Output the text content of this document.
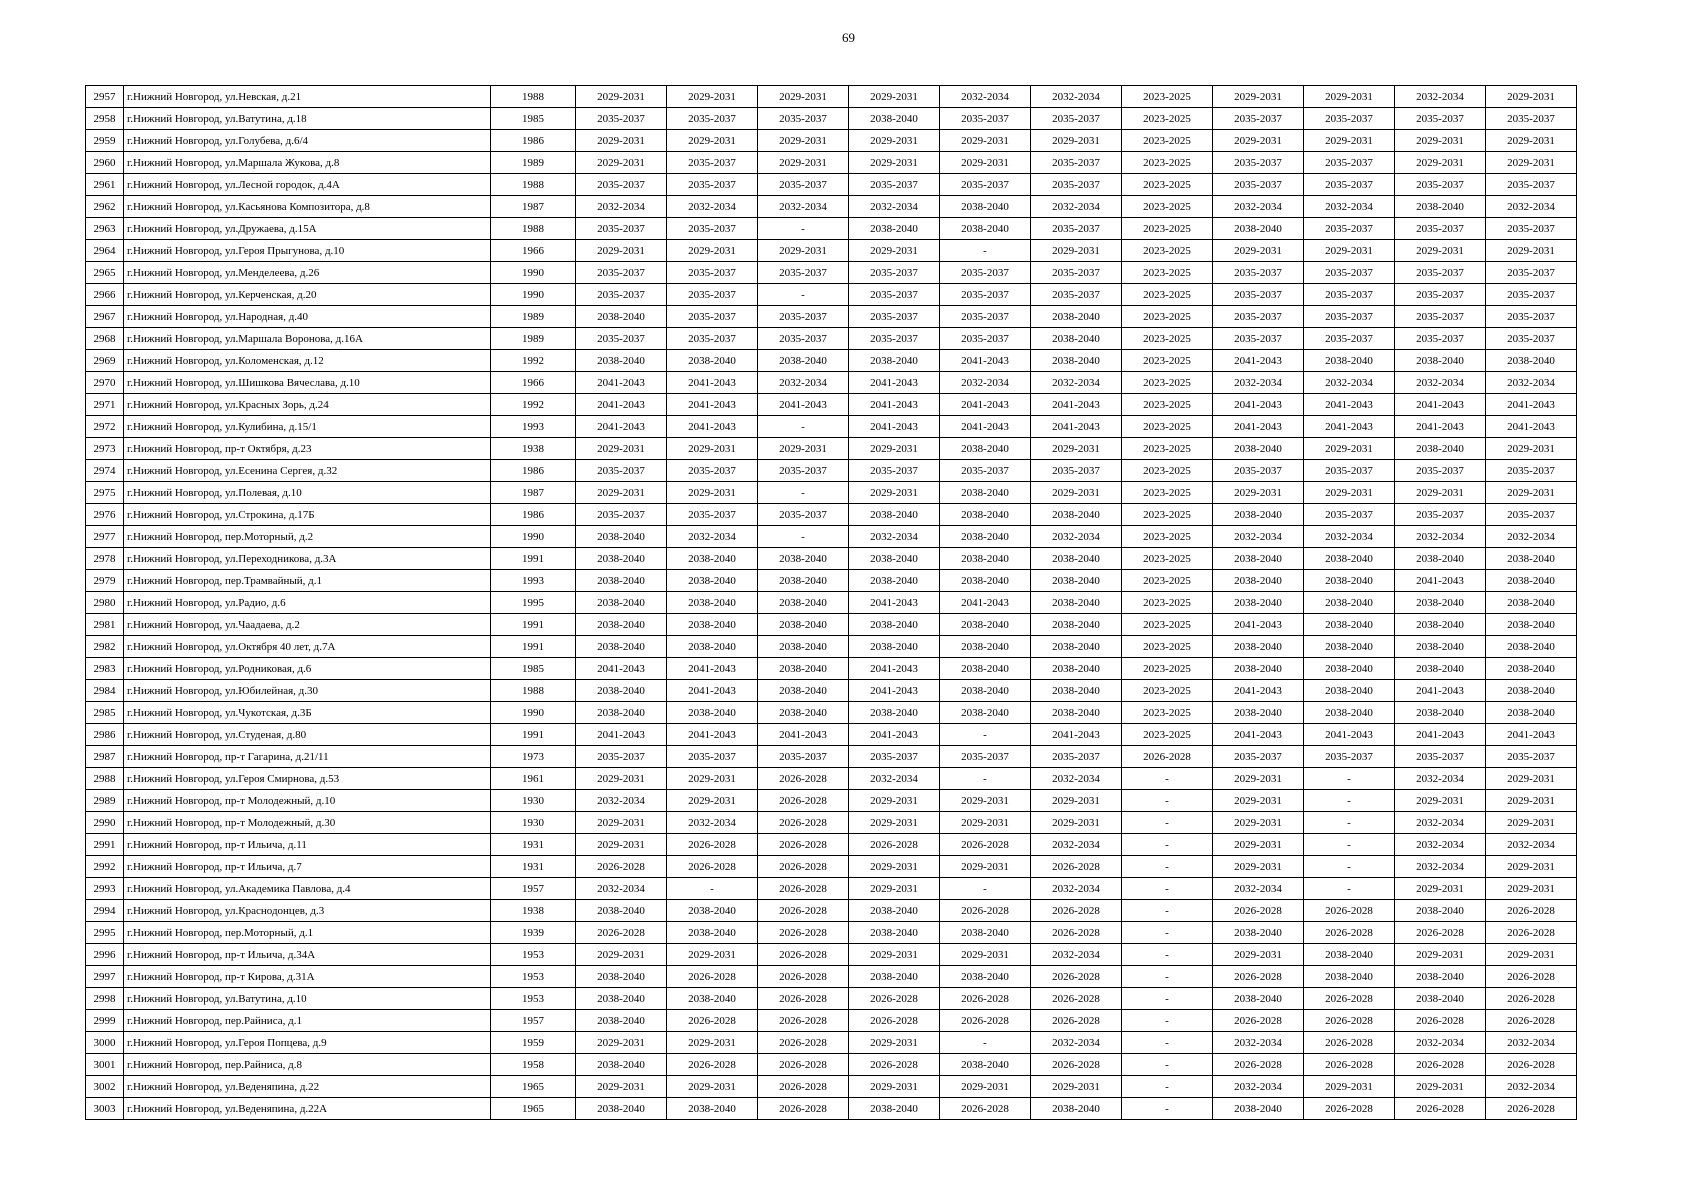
69
2957	г.Нижний Новгород, ул.Невская, д.21	1988	2029-2031	2029-2031	2029-2031	2029-2031	2032-2034	2032-2034	2023-2025	2029-2031	2029-2031	2032-2034	2029-2031
2958	г.Нижний Новгород, ул.Ватутина, д.18	1985	2035-2037	2035-2037	2035-2037	2038-2040	2035-2037	2035-2037	2023-2025	2035-2037	2035-2037	2035-2037	2035-2037
2959	г.Нижний Новгород, ул.Голубева, д.6/4	1986	2029-2031	2029-2031	2029-2031	2029-2031	2029-2031	2029-2031	2023-2025	2029-2031	2029-2031	2029-2031	2029-2031
2960	г.Нижний Новгород, ул.Маршала Жукова, д.8	1989	2029-2031	2035-2037	2029-2031	2029-2031	2029-2031	2035-2037	2023-2025	2035-2037	2035-2037	2029-2031	2029-2031
2961	г.Нижний Новгород, ул.Лесной городок, д.4А	1988	2035-2037	2035-2037	2035-2037	2035-2037	2035-2037	2035-2037	2023-2025	2035-2037	2035-2037	2035-2037	2035-2037
2962	г.Нижний Новгород, ул.Касьянова Композитора, д.8	1987	2032-2034	2032-2034	2032-2034	2032-2034	2038-2040	2032-2034	2023-2025	2032-2034	2032-2034	2038-2040	2032-2034
2963	г.Нижний Новгород, ул.Дружаева, д.15А	1988	2035-2037	2035-2037	-	2038-2040	2038-2040	2035-2037	2023-2025	2038-2040	2035-2037	2035-2037	2035-2037
2964	г.Нижний Новгород, ул.Героя Прыгунова, д.10	1966	2029-2031	2029-2031	2029-2031	2029-2031	-	2029-2031	2023-2025	2029-2031	2029-2031	2029-2031	2029-2031
2965	г.Нижний Новгород, ул.Менделеева, д.26	1990	2035-2037	2035-2037	2035-2037	2035-2037	2035-2037	2035-2037	2023-2025	2035-2037	2035-2037	2035-2037	2035-2037
2966	г.Нижний Новгород, ул.Керченская, д.20	1990	2035-2037	2035-2037	-	2035-2037	2035-2037	2035-2037	2023-2025	2035-2037	2035-2037	2035-2037	2035-2037
2967	г.Нижний Новгород, ул.Народная, д.40	1989	2038-2040	2035-2037	2035-2037	2035-2037	2035-2037	2038-2040	2023-2025	2035-2037	2035-2037	2035-2037	2035-2037
2968	г.Нижний Новгород, ул.Маршала Воронова, д.16А	1989	2035-2037	2035-2037	2035-2037	2035-2037	2035-2037	2038-2040	2023-2025	2035-2037	2035-2037	2035-2037	2035-2037
2969	г.Нижний Новгород, ул.Коломенская, д.12	1992	2038-2040	2038-2040	2038-2040	2038-2040	2041-2043	2038-2040	2023-2025	2041-2043	2038-2040	2038-2040	2038-2040
2970	г.Нижний Новгород, ул.Шишкова Вячеслава, д.10	1966	2041-2043	2041-2043	2032-2034	2041-2043	2032-2034	2032-2034	2023-2025	2032-2034	2032-2034	2032-2034	2032-2034
2971	г.Нижний Новгород, ул.Красных Зорь, д.24	1992	2041-2043	2041-2043	2041-2043	2041-2043	2041-2043	2041-2043	2023-2025	2041-2043	2041-2043	2041-2043	2041-2043
2972	г.Нижний Новгород, ул.Кулибина, д.15/1	1993	2041-2043	2041-2043	-	2041-2043	2041-2043	2041-2043	2023-2025	2041-2043	2041-2043	2041-2043	2041-2043
2973	г.Нижний Новгород, пр-т Октября, д.23	1938	2029-2031	2029-2031	2029-2031	2029-2031	2038-2040	2029-2031	2023-2025	2038-2040	2029-2031	2038-2040	2029-2031
2974	г.Нижний Новгород, ул.Есенина Сергея, д.32	1986	2035-2037	2035-2037	2035-2037	2035-2037	2035-2037	2035-2037	2023-2025	2035-2037	2035-2037	2035-2037	2035-2037
2975	г.Нижний Новгород, ул.Полевая, д.10	1987	2029-2031	2029-2031	-	2029-2031	2038-2040	2029-2031	2023-2025	2029-2031	2029-2031	2029-2031	2029-2031
2976	г.Нижний Новгород, ул.Строкина, д.17Б	1986	2035-2037	2035-2037	2035-2037	2038-2040	2038-2040	2038-2040	2023-2025	2038-2040	2035-2037	2035-2037	2035-2037
2977	г.Нижний Новгород, пер.Моторный, д.2	1990	2038-2040	2032-2034	-	2032-2034	2038-2040	2032-2034	2023-2025	2032-2034	2032-2034	2032-2034	2032-2034
2978	г.Нижний Новгород, ул.Переходникова, д.3А	1991	2038-2040	2038-2040	2038-2040	2038-2040	2038-2040	2038-2040	2023-2025	2038-2040	2038-2040	2038-2040	2038-2040
2979	г.Нижний Новгород, пер.Трамвайный, д.1	1993	2038-2040	2038-2040	2038-2040	2038-2040	2038-2040	2038-2040	2023-2025	2038-2040	2038-2040	2041-2043	2038-2040
2980	г.Нижний Новгород, ул.Радио, д.6	1995	2038-2040	2038-2040	2038-2040	2041-2043	2041-2043	2038-2040	2023-2025	2038-2040	2038-2040	2038-2040	2038-2040
2981	г.Нижний Новгород, ул.Чаадаева, д.2	1991	2038-2040	2038-2040	2038-2040	2038-2040	2038-2040	2038-2040	2023-2025	2041-2043	2038-2040	2038-2040	2038-2040
2982	г.Нижний Новгород, ул.Октября 40 лет, д.7А	1991	2038-2040	2038-2040	2038-2040	2038-2040	2038-2040	2038-2040	2023-2025	2038-2040	2038-2040	2038-2040	2038-2040
2983	г.Нижний Новгород, ул.Родниковая, д.6	1985	2041-2043	2041-2043	2038-2040	2041-2043	2038-2040	2038-2040	2023-2025	2038-2040	2038-2040	2038-2040	2038-2040
2984	г.Нижний Новгород, ул.Юбилейная, д.30	1988	2038-2040	2041-2043	2038-2040	2041-2043	2038-2040	2038-2040	2023-2025	2041-2043	2038-2040	2041-2043	2038-2040
2985	г.Нижний Новгород, ул.Чукотская, д.3Б	1990	2038-2040	2038-2040	2038-2040	2038-2040	2038-2040	2038-2040	2023-2025	2038-2040	2038-2040	2038-2040	2038-2040
2986	г.Нижний Новгород, ул.Студеная, д.80	1991	2041-2043	2041-2043	2041-2043	2041-2043	-	2041-2043	2023-2025	2041-2043	2041-2043	2041-2043	2041-2043
2987	г.Нижний Новгород, пр-т Гагарина, д.21/11	1973	2035-2037	2035-2037	2035-2037	2035-2037	2035-2037	2035-2037	2026-2028	2035-2037	2035-2037	2035-2037	2035-2037
2988	г.Нижний Новгород, ул.Героя Смирнова, д.53	1961	2029-2031	2029-2031	2026-2028	2032-2034	-	2032-2034	-	2029-2031	-	2032-2034	2029-2031
2989	г.Нижний Новгород, пр-т Молодежный, д.10	1930	2032-2034	2029-2031	2026-2028	2029-2031	2029-2031	2029-2031	-	2029-2031	-	2029-2031	2029-2031
2990	г.Нижний Новгород, пр-т Молодежный, д.30	1930	2029-2031	2032-2034	2026-2028	2029-2031	2029-2031	2029-2031	-	2029-2031	-	2032-2034	2029-2031
2991	г.Нижний Новгород, пр-т Ильича, д.11	1931	2029-2031	2026-2028	2026-2028	2026-2028	2026-2028	2032-2034	-	2029-2031	-	2032-2034	2032-2034
2992	г.Нижний Новгород, пр-т Ильича, д.7	1931	2026-2028	2026-2028	2026-2028	2029-2031	2029-2031	2026-2028	-	2029-2031	-	2032-2034	2029-2031
2993	г.Нижний Новгород, ул.Академика Павлова, д.4	1957	2032-2034	-	2026-2028	2029-2031	-	2032-2034	-	2032-2034	-	2029-2031	2029-2031
2994	г.Нижний Новгород, ул.Краснодонцев, д.3	1938	2038-2040	2038-2040	2026-2028	2038-2040	2026-2028	2026-2028	-	2026-2028	2026-2028	2038-2040	2026-2028
2995	г.Нижний Новгород, пер.Моторный, д.1	1939	2026-2028	2038-2040	2026-2028	2038-2040	2038-2040	2026-2028	-	2038-2040	2026-2028	2026-2028	2026-2028
2996	г.Нижний Новгород, пр-т Ильича, д.34А	1953	2029-2031	2029-2031	2026-2028	2029-2031	2029-2031	2032-2034	-	2029-2031	2038-2040	2029-2031	2029-2031
2997	г.Нижний Новгород, пр-т Кирова, д.31А	1953	2038-2040	2026-2028	2026-2028	2038-2040	2038-2040	2026-2028	-	2026-2028	2038-2040	2038-2040	2026-2028
2998	г.Нижний Новгород, ул.Ватутина, д.10	1953	2038-2040	2038-2040	2026-2028	2026-2028	2026-2028	2026-2028	-	2038-2040	2026-2028	2038-2040	2026-2028
2999	г.Нижний Новгород, пер.Райниса, д.1	1957	2038-2040	2026-2028	2026-2028	2026-2028	2026-2028	2026-2028	-	2026-2028	2026-2028	2026-2028	2026-2028
3000	г.Нижний Новгород, ул.Героя Попцева, д.9	1959	2029-2031	2029-2031	2026-2028	2029-2031	-	2032-2034	-	2032-2034	2026-2028	2032-2034	2032-2034
3001	г.Нижний Новгород, пер.Райниса, д.8	1958	2038-2040	2026-2028	2026-2028	2026-2028	2038-2040	2026-2028	-	2026-2028	2026-2028	2026-2028	2026-2028
3002	г.Нижний Новгород, ул.Веденяпина, д.22	1965	2029-2031	2029-2031	2026-2028	2029-2031	2029-2031	2029-2031	-	2032-2034	2029-2031	2029-2031	2032-2034
3003	г.Нижний Новгород, ул.Веденяпина, д.22А	1965	2038-2040	2038-2040	2026-2028	2038-2040	2026-2028	2038-2040	-	2038-2040	2026-2028	2026-2028	2026-2028
